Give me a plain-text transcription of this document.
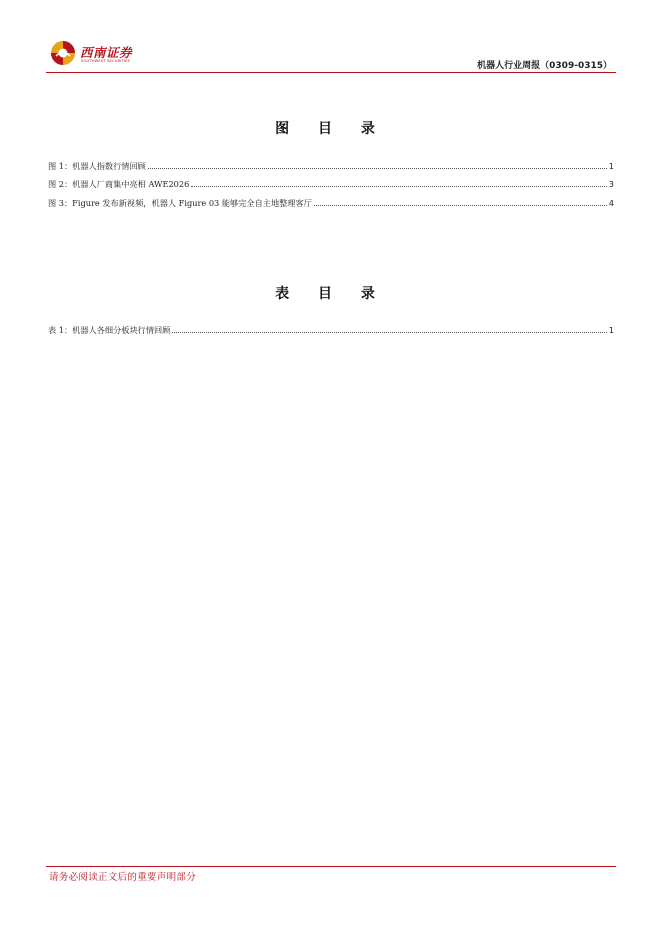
西南证券
SOUTHWEST SECURITIES	机器人行业周报（0309-0315）
图 目 录
图 1：机器人指数行情回顾	1
图 2：机器人厂商集中亮相 AWE2026	3
图 3：Figure 发布新视频，机器人 Figure 03 能够完全自主地整理客厅	4
表 目 录
表 1：机器人各细分板块行情回顾	1
请务必阅读正文后的重要声明部分
